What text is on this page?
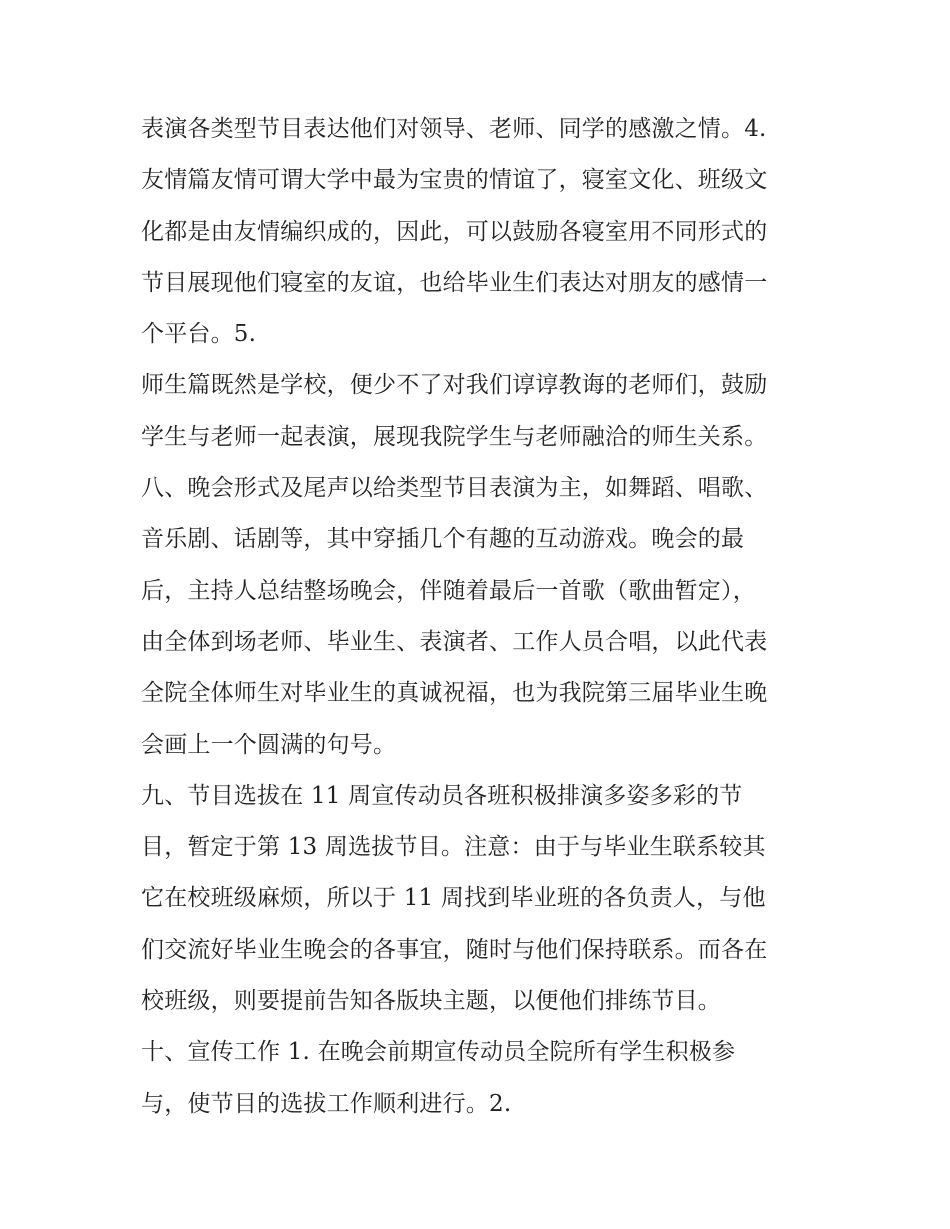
表演各类型节目表达他们对领导、老师、同学的感激之情。4.
友情篇友情可谓大学中最为宝贵的情谊了，寝室文化、班级文
化都是由友情编织成的，因此，可以鼓励各寝室用不同形式的
节目展现他们寝室的友谊，也给毕业生们表达对朋友的感情一
个平台。5.
师生篇既然是学校，便少不了对我们谆谆教诲的老师们，鼓励
学生与老师一起表演，展现我院学生与老师融洽的师生关系。
八、晚会形式及尾声以给类型节目表演为主，如舞蹈、唱歌、
音乐剧、话剧等，其中穿插几个有趣的互动游戏。晚会的最
后，主持人总结整场晚会，伴随着最后一首歌（歌曲暂定），
由全体到场老师、毕业生、表演者、工作人员合唱，以此代表
全院全体师生对毕业生的真诚祝福，也为我院第三届毕业生晚
会画上一个圆满的句号。
九、节目选拔在 11 周宣传动员各班积极排演多姿多彩的节
目，暂定于第 13 周选拔节目。注意：由于与毕业生联系较其
它在校班级麻烦，所以于 11 周找到毕业班的各负责人，与他
们交流好毕业生晚会的各事宜，随时与他们保持联系。而各在
校班级，则要提前告知各版块主题，以便他们排练节目。
十、宣传工作 1. 在晚会前期宣传动员全院所有学生积极参
与，使节目的选拔工作顺利进行。2.
